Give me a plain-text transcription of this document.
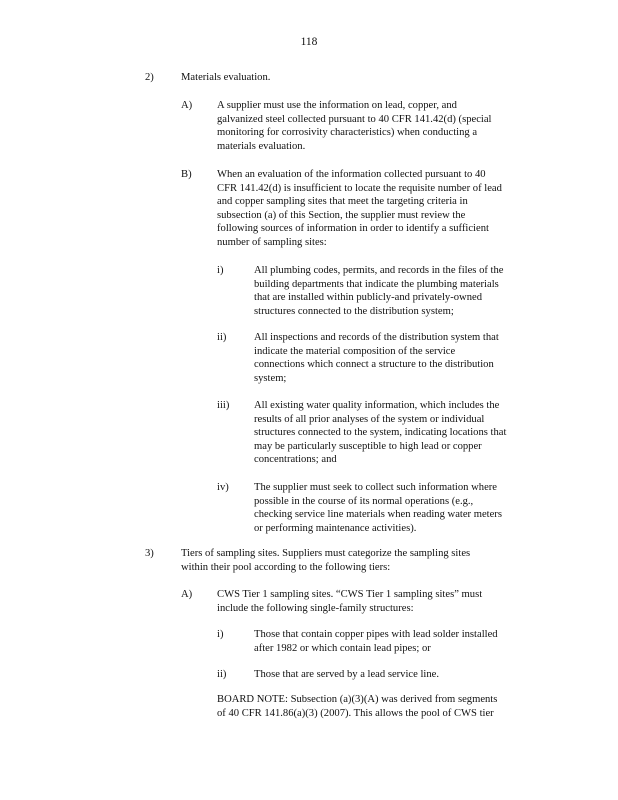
118
2)	Materials evaluation.
A) A supplier must use the information on lead, copper, and
galvanized steel collected pursuant to 40 CFR 141.42(d) (special
monitoring for corrosivity characteristics) when conducting a
materials evaluation.
B) When an evaluation of the information collected pursuant to 40
CFR 141.42(d) is insufficient to locate the requisite number of lead
and copper sampling sites that meet the targeting criteria in
subsection (a) of this Section, the supplier must review the
following sources of information in order to identify a sufficient
number of sampling sites:
i)	All plumbing codes, permits, and records in the files of the
building departments that indicate the plumbing materials
that are installed within publicly-and privately-owned
structures connected to the distribution system;
ii)	All inspections and records of the distribution system that
indicate the material composition of the service
connections which connect a structure to the distribution
system;
iii) All existing water quality information, which includes the
results of all prior analyses of the system or individual
structures connected to the system, indicating locations that
may be particularly susceptible to high lead or copper
concentrations; and
iv) The supplier must seek to collect such information where
possible in the course of its normal operations (e.g.,
checking service line materials when reading water meters
or performing maintenance activities).
3)	Tiers of sampling sites. Suppliers must categorize the sampling sites
within their pool according to the following tiers:
A) CWS Tier 1 sampling sites. “CWS Tier 1 sampling sites” must
include the following single-family structures:
i)	Those that contain copper pipes with lead solder installed
after 1982 or which contain lead pipes; or
ii)	Those that are served by a lead service line.
BOARD NOTE: Subsection (a)(3)(A) was derived from segments
of 40 CFR 141.86(a)(3) (2007). This allows the pool of CWS tier
